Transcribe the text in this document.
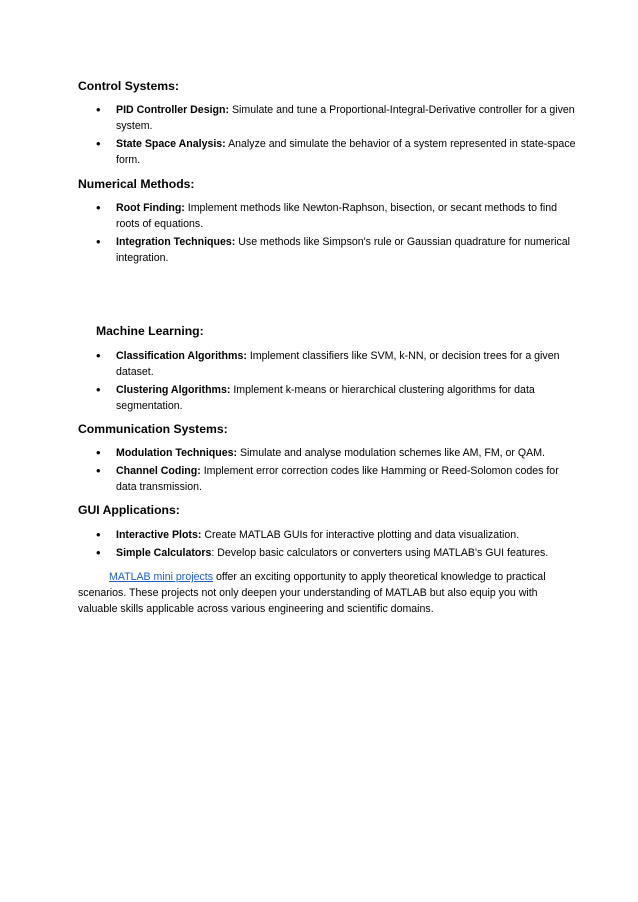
Control Systems:
• PID Controller Design: Simulate and tune a Proportional-Integral-Derivative controller for a given system.
• State Space Analysis: Analyze and simulate the behavior of a system represented in state-space form.
Numerical Methods:
• Root Finding: Implement methods like Newton-Raphson, bisection, or secant methods to find roots of equations.
• Integration Techniques: Use methods like Simpson's rule or Gaussian quadrature for numerical integration.
Machine Learning:
• Classification Algorithms: Implement classifiers like SVM, k-NN, or decision trees for a given dataset.
• Clustering Algorithms: Implement k-means or hierarchical clustering algorithms for data segmentation.
Communication Systems:
• Modulation Techniques: Simulate and analyse modulation schemes like AM, FM, or QAM.
• Channel Coding: Implement error correction codes like Hamming or Reed-Solomon codes for data transmission.
GUI Applications:
• Interactive Plots: Create MATLAB GUIs for interactive plotting and data visualization.
• Simple Calculators: Develop basic calculators or converters using MATLAB's GUI features.

MATLAB mini projects offer an exciting opportunity to apply theoretical knowledge to practical scenarios. These projects not only deepen your understanding of MATLAB but also equip you with valuable skills applicable across various engineering and scientific domains.
